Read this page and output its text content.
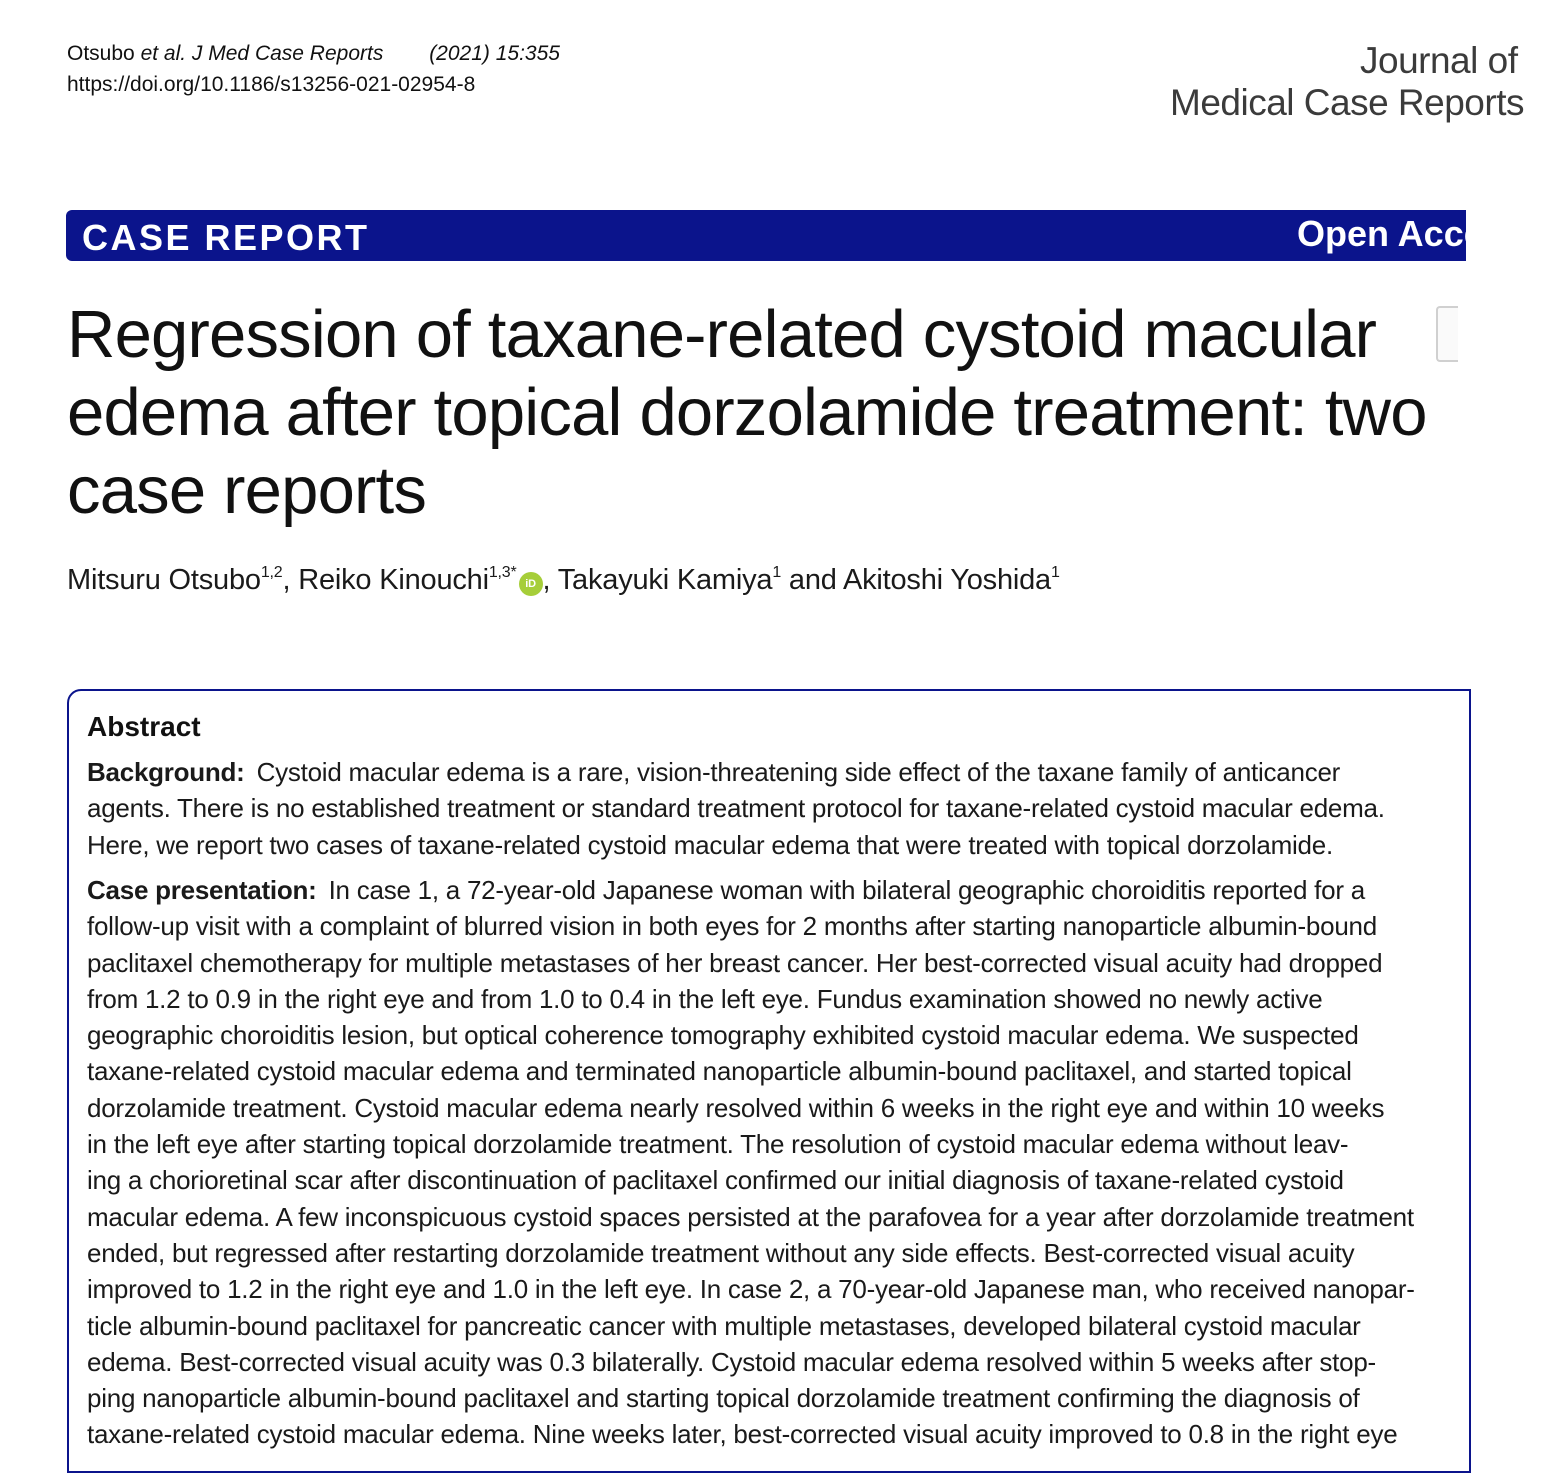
Otsubo et al. J Med Case Reports (2021) 15:355
https://doi.org/10.1186/s13256-021-02954-8
Journal of
Medical Case Reports
CASE REPORT	Open Access
Regression of taxane-related cystoid macular
edema after topical dorzolamide treatment: two
case reports
Mitsuru Otsubo$^{1,2}$, Reiko Kinouchi$^{1,3*}$iD , Takayuki Kamiya$^1$ and Akitoshi Yoshida$^1$
Abstract
Background: Cystoid macular edema is a rare, vision-threatening side effect of the taxane family of anticancer
agents. There is no established treatment or standard treatment protocol for taxane-related cystoid macular edema.
Here, we report two cases of taxane-related cystoid macular edema that were treated with topical dorzolamide.
Case presentation: In case 1, a 72-year-old Japanese woman with bilateral geographic choroiditis reported for a
follow-up visit with a complaint of blurred vision in both eyes for 2 months after starting nanoparticle albumin-bound
paclitaxel chemotherapy for multiple metastases of her breast cancer. Her best-corrected visual acuity had dropped
from 1.2 to 0.9 in the right eye and from 1.0 to 0.4 in the left eye. Fundus examination showed no newly active
geographic choroiditis lesion, but optical coherence tomography exhibited cystoid macular edema. We suspected
taxane-related cystoid macular edema and terminated nanoparticle albumin-bound paclitaxel, and started topical
dorzolamide treatment. Cystoid macular edema nearly resolved within 6 weeks in the right eye and within 10 weeks
in the left eye after starting topical dorzolamide treatment. The resolution of cystoid macular edema without leav-
ing a chorioretinal scar after discontinuation of paclitaxel confirmed our initial diagnosis of taxane-related cystoid
macular edema. A few inconspicuous cystoid spaces persisted at the parafovea for a year after dorzolamide treatment
ended, but regressed after restarting dorzolamide treatment without any side effects. Best-corrected visual acuity
improved to 1.2 in the right eye and 1.0 in the left eye. In case 2, a 70-year-old Japanese man, who received nanopar-
ticle albumin-bound paclitaxel for pancreatic cancer with multiple metastases, developed bilateral cystoid macular
edema. Best-corrected visual acuity was 0.3 bilaterally. Cystoid macular edema resolved within 5 weeks after stop-
ping nanoparticle albumin-bound paclitaxel and starting topical dorzolamide treatment confirming the diagnosis of
taxane-related cystoid macular edema. Nine weeks later, best-corrected visual acuity improved to 0.8 in the right eye
